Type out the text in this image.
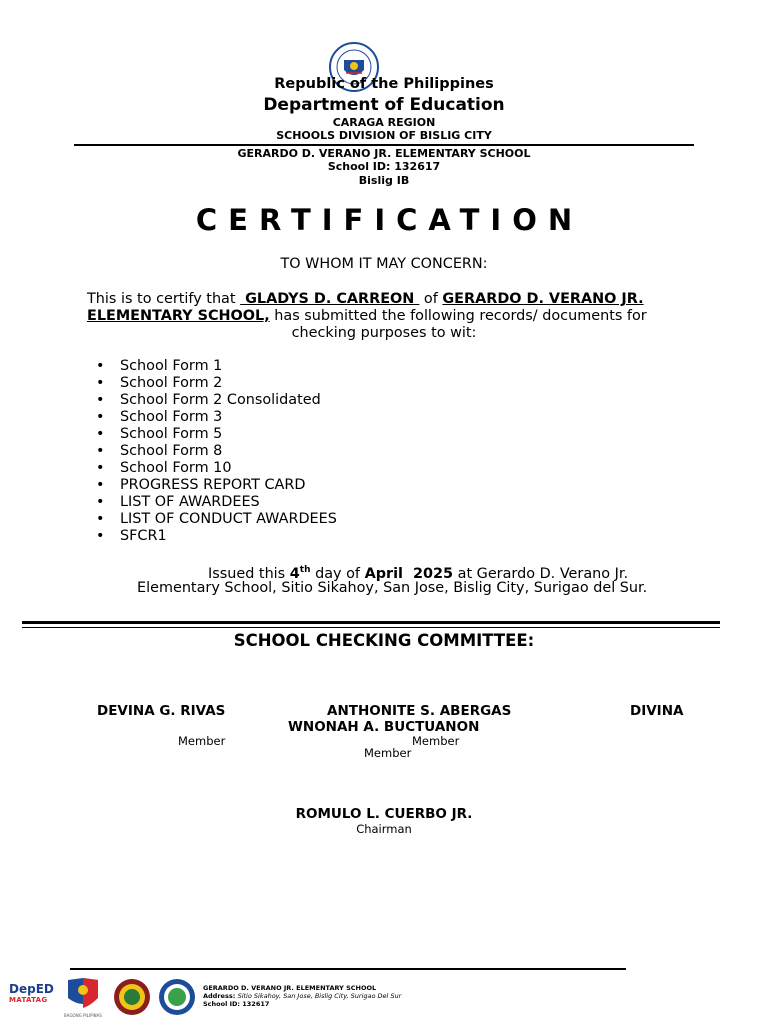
Republic of the Philippines
Department of Education
CARAGA REGION
SCHOOLS DIVISION OF BISLIG CITY
GERARDO D. VERANO JR. ELEMENTARY SCHOOL
School ID: 132617
Bislig IB
CERTIFICATION
TO WHOM IT MAY CONCERN:
This is to certify that  GLADYS D. CARREON  of GERARDO D. VERANO JR.
ELEMENTARY SCHOOL, has submitted the following records/ documents for
checking purposes to wit:
• School Form 1
• School Form 2
• School Form 2 Consolidated
• School Form 3
• School Form 5
• School Form 8
• School Form 10
• PROGRESS REPORT CARD
• LIST OF AWARDEES
• LIST OF CONDUCT AWARDEES
• SFCR1
Issued this 4th day of April  2025 at Gerardo D. Verano Jr.
Elementary School, Sitio Sikahoy, San Jose, Bislig City, Surigao del Sur.
SCHOOL CHECKING COMMITTEE:
DEVINA G. RIVAS	ANTHONITE S. ABERGAS	DIVINA
WNONAH A. BUCTUANON
Member	Member
Member
ROMULO L. CUERBO JR.
Chairman
DepED
MATATAG
BAGONG PILIPINAS
GERARDO D. VERANO JR. ELEMENTARY SCHOOL
Address: Sitio Sikahoy, San Jose, Bislig City, Surigao Del Sur
School ID: 132617
